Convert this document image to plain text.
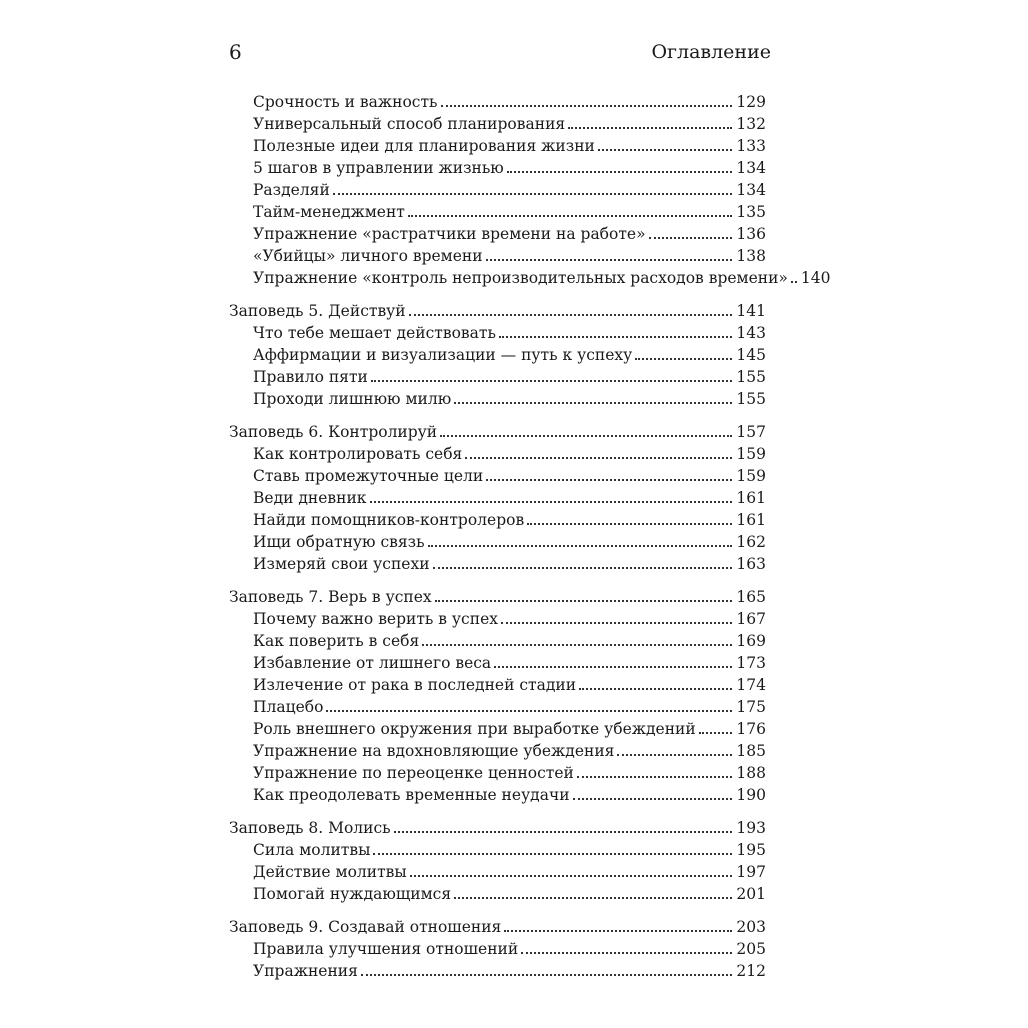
6	Оглавление
Срочность и важность	129
Универсальный способ планирования	132
Полезные идеи для планирования жизни	133
5 шагов в управлении жизнью	134
Разделяй	134
Тайм-менеджмент	135
Упражнение «растратчики времени на работе»	136
«Убийцы» личного времени	138
Упражнение «контроль непроизводительных расходов времени» 140
Заповедь 5. Действуй	141
Что тебе мешает действовать	143
Аффирмации и визуализации — путь к успеху	145
Правило пяти	155
Проходи лишнюю милю	155
Заповедь 6. Контролируй	157
Как контролировать себя	159
Ставь промежуточные цели	159
Веди дневник	161
Найди помощников-контролеров	161
Ищи обратную связь	162
Измеряй свои успехи	163
Заповедь 7. Верь в успех	165
Почему важно верить в успех	167
Как поверить в себя	169
Избавление от лишнего веса	173
Излечение от рака в последней стадии	174
Плацебо	175
Роль внешнего окружения при выработке убеждений	176
Упражнение на вдохновляющие убеждения	185
Упражнение по переоценке ценностей	188
Как преодолевать временные неудачи	190
Заповедь 8. Молись	193
Сила молитвы	195
Действие молитвы	197
Помогай нуждающимся	201
Заповедь 9. Создавай отношения	203
Правила улучшения отношений	205
Упражнения	212
